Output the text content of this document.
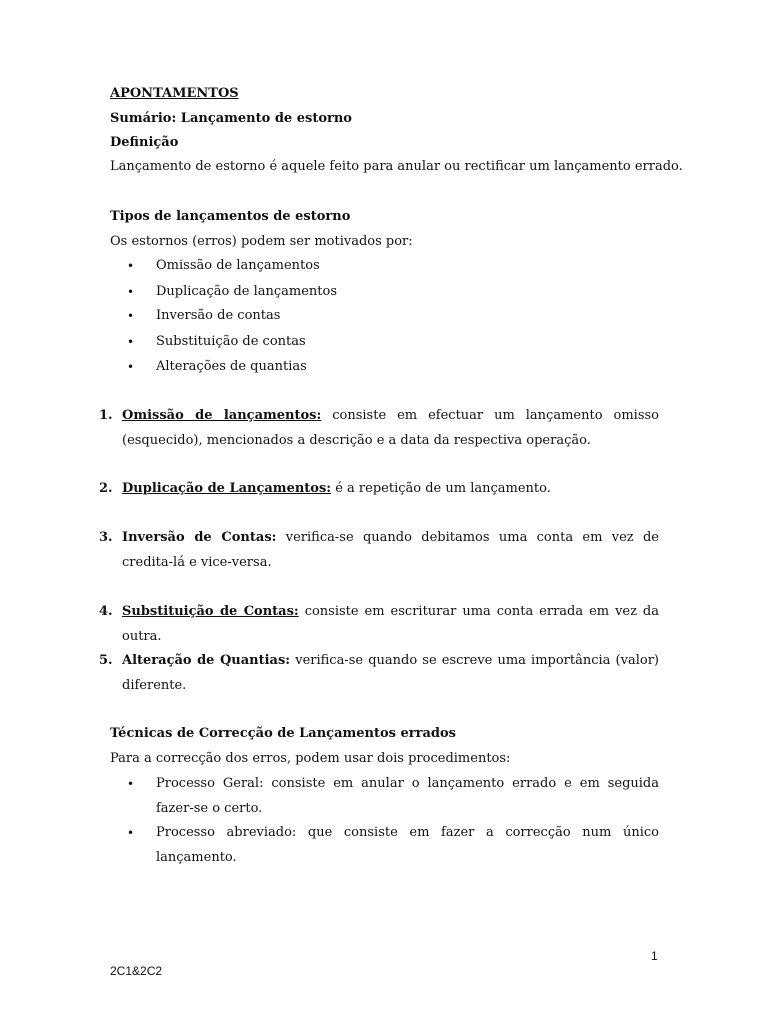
APONTAMENTOS
Sumário: Lançamento de estorno
Definição
Lançamento de estorno é aquele feito para anular ou rectificar um lançamento errado.
Tipos de lançamentos de estorno
Os estornos (erros) podem ser motivados por:
• Omissão de lançamentos
• Duplicação de lançamentos
• Inversão de contas
• Substituição de contas
• Alterações de quantias
1. Omissão de lançamentos: consiste em efectuar um lançamento omisso (esquecido), mencionados a descrição e a data da respectiva operação.
2. Duplicação de Lançamentos: é a repetição de um lançamento.
3. Inversão de Contas: verifica-se quando debitamos uma conta em vez de credita-lá e vice-versa.
4. Substituição de Contas: consiste em escriturar uma conta errada em vez da outra.
5. Alteração de Quantias: verifica-se quando se escreve uma importância (valor) diferente.
Técnicas de Correcção de Lançamentos errados
Para a correcção dos erros, podem usar dois procedimentos:
• Processo Geral: consiste em anular o lançamento errado e em seguida fazer-se o certo.
• Processo abreviado: que consiste em fazer a correcção num único lançamento.
1
2C1&2C2
